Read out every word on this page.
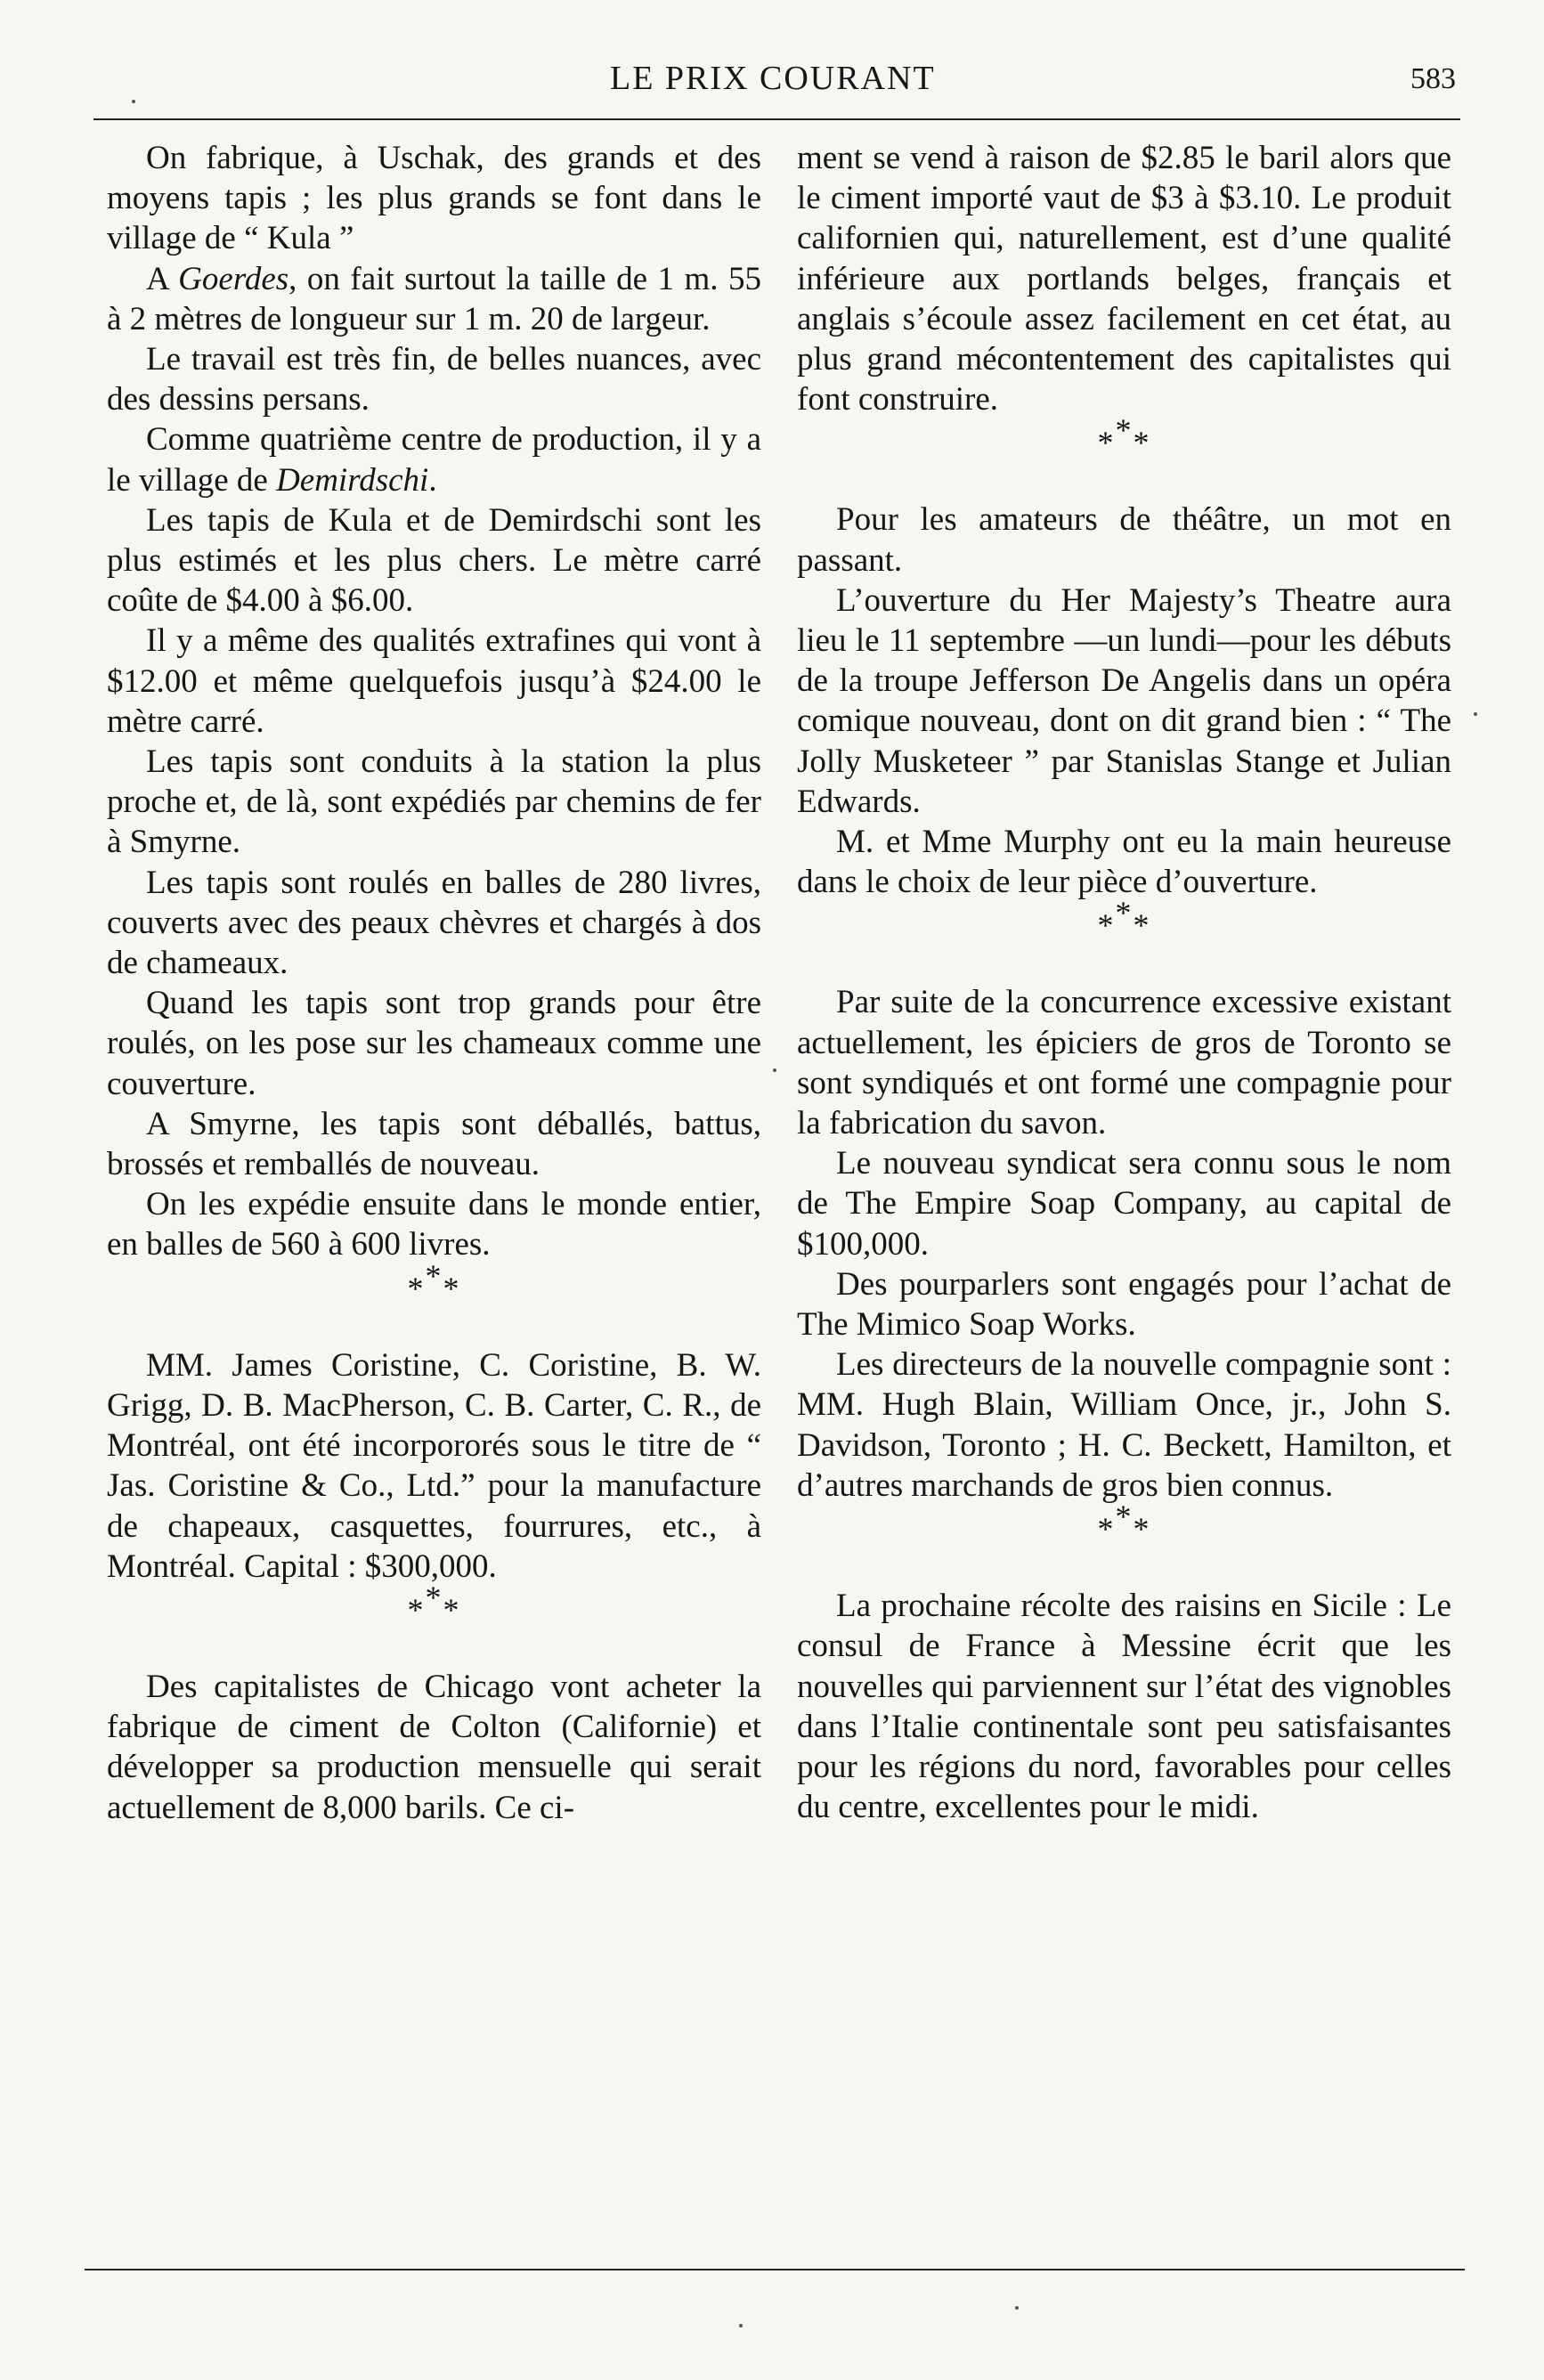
LE PRIX COURANT	583

On fabrique, à Uschak, des grands et des moyens tapis ; les plus grands se font dans le village de “ Kula ”

A Goerdes, on fait surtout la taille de 1 m. 55 à 2 mètres de longueur sur 1 m. 20 de largeur.

Le travail est très fin, de belles nuances, avec des dessins persans.

Comme quatrième centre de production, il y a le village de Demirdschi.

Les tapis de Kula et de Demirdschi sont les plus estimés et les plus chers. Le mètre carré coûte de $4.00 à $6.00.

Il y a même des qualités extrafines qui vont à $12.00 et même quelquefois jusqu’à $24.00 le mètre carré.

Les tapis sont conduits à la station la plus proche et, de là, sont expédiés par chemins de fer à Smyrne.

Les tapis sont roulés en balles de 280 livres, couverts avec des peaux chèvres et chargés à dos de chameaux.

Quand les tapis sont trop grands pour être roulés, on les pose sur les chameaux comme une couverture.

A Smyrne, les tapis sont déballés, battus, brossés et remballés de nouveau.

On les expédie ensuite dans le monde entier, en balles de 560 à 600 livres.

***

MM. James Coristine, C. Coristine, B. W. Grigg, D. B. MacPherson, C. B. Carter, C. R., de Montréal, ont été incorpororés sous le titre de “ Jas. Coristine & Co., Ltd.” pour la manufacture de chapeaux, casquettes, fourrures, etc., à Montréal. Capital : $300,000.

***

Des capitalistes de Chicago vont acheter la fabrique de ciment de Colton (Californie) et développer sa production mensuelle qui serait actuellement de 8,000 barils. Ce ci-

ment se vend à raison de $2.85 le baril alors que le ciment importé vaut de $3 à $3.10. Le produit californien qui, naturellement, est d’une qualité inférieure aux portlands belges, français et anglais s’écoule assez facilement en cet état, au plus grand mécontentement des capitalistes qui font construire.

***

Pour les amateurs de théâtre, un mot en passant.

L’ouverture du Her Majesty’s Theatre aura lieu le 11 septembre —un lundi—pour les débuts de la troupe Jefferson De Angelis dans un opéra comique nouveau, dont on dit grand bien : “ The Jolly Musketeer ” par Stanislas Stange et Julian Edwards.

M. et Mme Murphy ont eu la main heureuse dans le choix de leur pièce d’ouverture.

***

Par suite de la concurrence excessive existant actuellement, les épiciers de gros de Toronto se sont syndiqués et ont formé une compagnie pour la fabrication du savon.

Le nouveau syndicat sera connu sous le nom de The Empire Soap Company, au capital de $100,000.

Des pourparlers sont engagés pour l’achat de The Mimico Soap Works.

Les directeurs de la nouvelle compagnie sont : MM. Hugh Blain, William Once, jr., John S. Davidson, Toronto ; H. C. Beckett, Hamilton, et d’autres marchands de gros bien connus.

***

La prochaine récolte des raisins en Sicile : Le consul de France à Messine écrit que les nouvelles qui parviennent sur l’état des vignobles dans l’Italie continentale sont peu satisfaisantes pour les régions du nord, favorables pour celles du centre, excellentes pour le midi.
